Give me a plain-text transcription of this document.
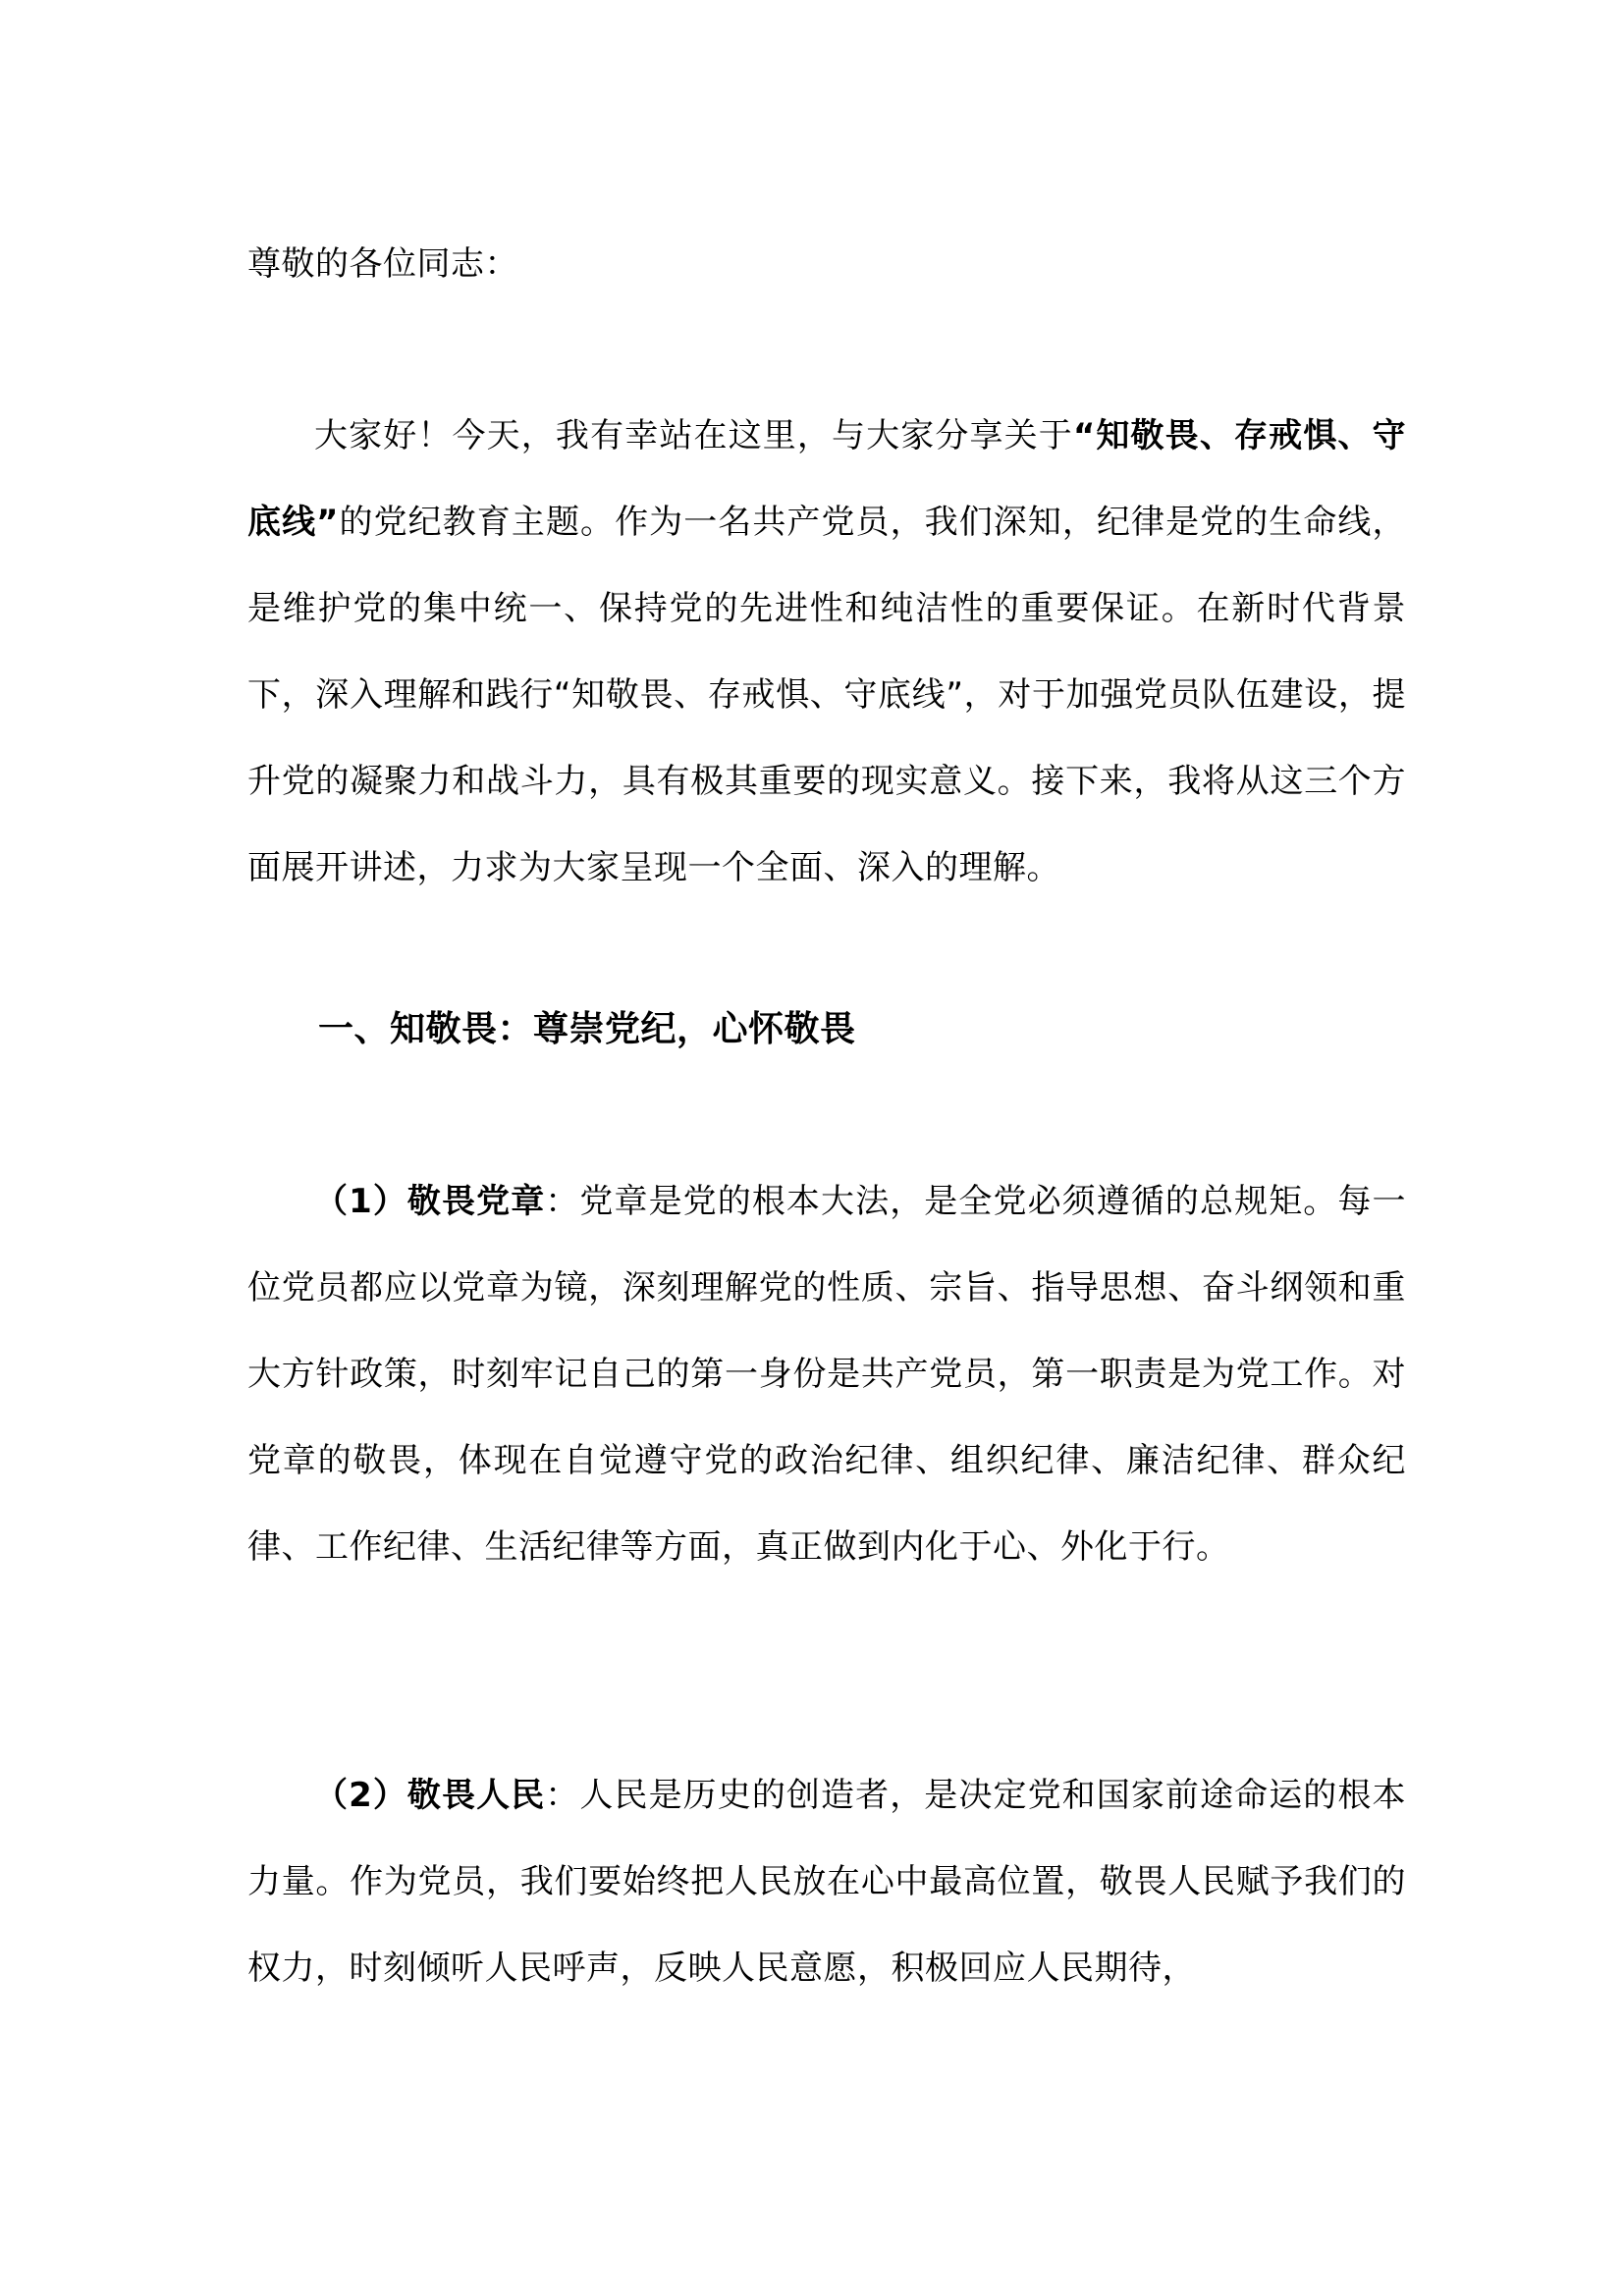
尊敬的各位同志：

大家好！今天，我有幸站在这里，与大家分享关于“知敬畏、存戒惧、守底线”的党纪教育主题。作为一名共产党员，我们深知，纪律是党的生命线，是维护党的集中统一、保持党的先进性和纯洁性的重要保证。在新时代背景下，深入理解和践行“知敬畏、存戒惧、守底线”，对于加强党员队伍建设，提升党的凝聚力和战斗力，具有极其重要的现实意义。接下来，我将从这三个方面展开讲述，力求为大家呈现一个全面、深入的理解。

一、知敬畏：尊崇党纪，心怀敬畏

（1）敬畏党章：党章是党的根本大法，是全党必须遵循的总规矩。每一位党员都应以党章为镜，深刻理解党的性质、宗旨、指导思想、奋斗纲领和重大方针政策，时刻牢记自己的第一身份是共产党员，第一职责是为党工作。对党章的敬畏，体现在自觉遵守党的政治纪律、组织纪律、廉洁纪律、群众纪律、工作纪律、生活纪律等方面，真正做到内化于心、外化于行。

（2）敬畏人民：人民是历史的创造者，是决定党和国家前途命运的根本力量。作为党员，我们要始终把人民放在心中最高位置，敬畏人民赋予我们的权力，时刻倾听人民呼声，反映人民意愿，积极回应人民期待，
